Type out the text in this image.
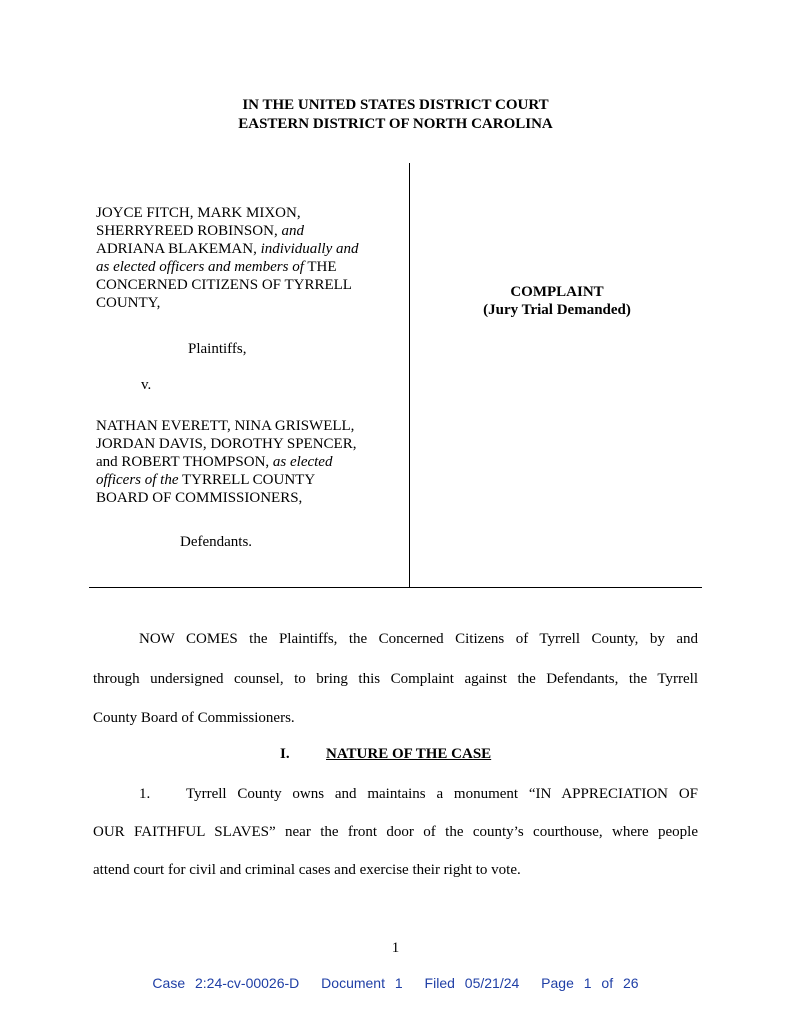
IN THE UNITED STATES DISTRICT COURT
EASTERN DISTRICT OF NORTH CAROLINA

JOYCE FITCH, MARK MIXON,

SHERRYREED ROBINSON, and

ADRIANA BLAKEMAN, individually and

as elected officers and members of THE

CONCERNED CITIZENS OF TYRRELL

COUNTY,

Plaintiffs,
v.

NATHAN EVERETT, NINA GRISWELL,

JORDAN DAVIS, DOROTHY SPENCER,

and ROBERT THOMPSON, as elected

officers of the TYRRELL COUNTY

BOARD OF COMMISSIONERS,

Defendants.
COMPLAINT
(Jury Trial Demanded)
NOW COMES the Plaintiffs, the Concerned Citizens of Tyrrell County, by and
through undersigned counsel, to bring this Complaint against the Defendants, the Tyrrell
County Board of Commissioners.
I. NATURE OF THE CASE
1. Tyrrell County owns and maintains a monument “IN APPRECIATION OF
OUR FAITHFUL SLAVES” near the front door of the county’s courthouse, where people
attend court for civil and criminal cases and exercise their right to vote.
1
Case 2:24-cv-00026-D Document 1 Filed 05/21/24 Page 1 of 26
